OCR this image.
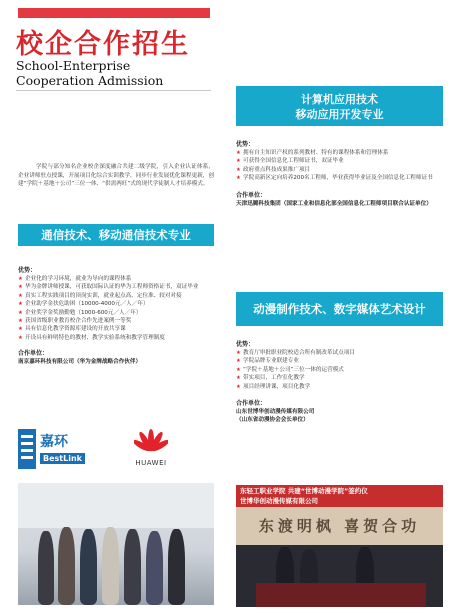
校企合作招生
School-Enterprise
Cooperation Admission
学院与部分知名企业校企深度融合共建二级学院，引入企业认证体系，企业讲师驻点授课，开展项目化综合实训教学，同步行业发展优化课程更新，创建“学院＋基地＋公司”三位一体、“供需两旺”式的现代学徒制人才培养模式。
通信技术、移动通信技术专业
优势：
★ 企业化的学习环境，就业为导向的课程体系
★ 华为金牌讲师授课，可获取国际认证的华为工程师资格证书，双证毕业
★ 真实工程实践项目的顶岗实训，就业起点高、定位准、较对对接
★ 企业助学金扶危助困（10000-4000元／人／年）
★ 企业奖学金奖励勤勉（1000-600元／人／年）
★ 获国省级职业教育校企合作先进案例一等奖
★ 具有信息化教学资源库建设的开放共享课
★ 开设具有鲜明特色的教材、教学实验系统和教学管理制度
合作单位：
南京嘉环科技有限公司（华为金牌战略合作伙伴）
嘉环
BestLink	HUAWEI
计算机应用技术
移动应用开发专业
优势：
★ 拥有自主知识产权的系列教材、特有的课程体系和管理体系
★ 可获得全国信息化工程师证书，双证毕业
★ 政府重点科技成果推广项目
★ 学院高新区定向培养200名工程师，毕业获得毕业证及全国信息化工程师证书
合作单位：
天津迅腾科技集团（国家工业和信息化部全国信息化工程师项目联合认证单位）
动漫制作技术、数字媒体艺术设计
优势：
★ 教育厅审批职业院校适合所有制改革试点项目
★ 学院品牌专业联建专业
★ “学院＋基地＋公司”三位一体的运营模式
★ 带实项目，工作室化教学
★ 项目经理讲课，项目化教学
合作单位：
山东世博华创动漫传媒有限公司
（山东省动漫协会会长单位）
东轻工职业学院 共建“世博动漫学院”签约仪
世博华创动漫传媒有限公司
东渡明枫 喜贺合功
